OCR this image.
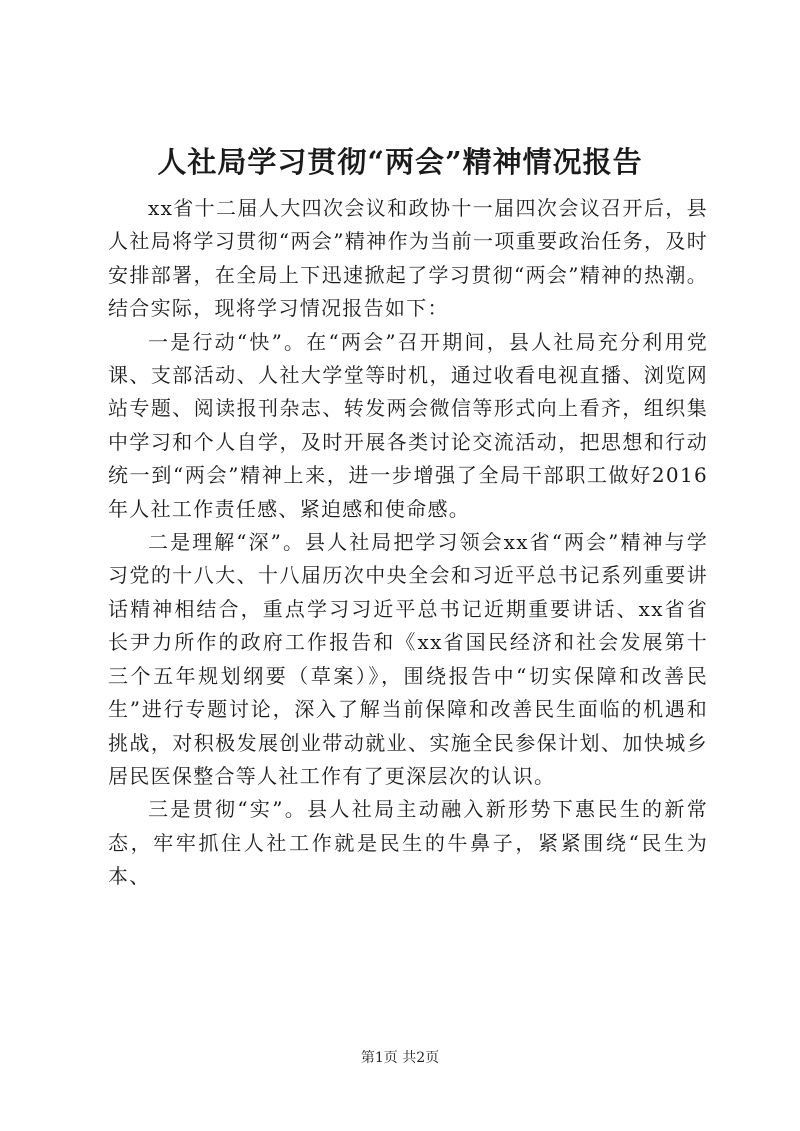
人社局学习贯彻“两会”精神情况报告

xx省十二届人大四次会议和政协十一届四次会议召开后，县人社局将学习贯彻“两会”精神作为当前一项重要政治任务，及时安排部署，在全局上下迅速掀起了学习贯彻“两会”精神的热潮。结合实际，现将学习情况报告如下：

一是行动“快”。在“两会”召开期间，县人社局充分利用党课、支部活动、人社大学堂等时机，通过收看电视直播、浏览网站专题、阅读报刊杂志、转发两会微信等形式向上看齐，组织集中学习和个人自学，及时开展各类讨论交流活动，把思想和行动统一到“两会”精神上来，进一步增强了全局干部职工做好2016年人社工作责任感、紧迫感和使命感。

二是理解“深”。县人社局把学习领会xx省“两会”精神与学习党的十八大、十八届历次中央全会和习近平总书记系列重要讲话精神相结合，重点学习习近平总书记近期重要讲话、xx省省长尹力所作的政府工作报告和《xx省国民经济和社会发展第十三个五年规划纲要（草案）》，围绕报告中“切实保障和改善民生”进行专题讨论，深入了解当前保障和改善民生面临的机遇和挑战，对积极发展创业带动就业、实施全民参保计划、加快城乡居民医保整合等人社工作有了更深层次的认识。

三是贯彻“实”。县人社局主动融入新形势下惠民生的新常态，牢牢抓住人社工作就是民生的牛鼻子，紧紧围绕“民生为本、

第1页 共2页
